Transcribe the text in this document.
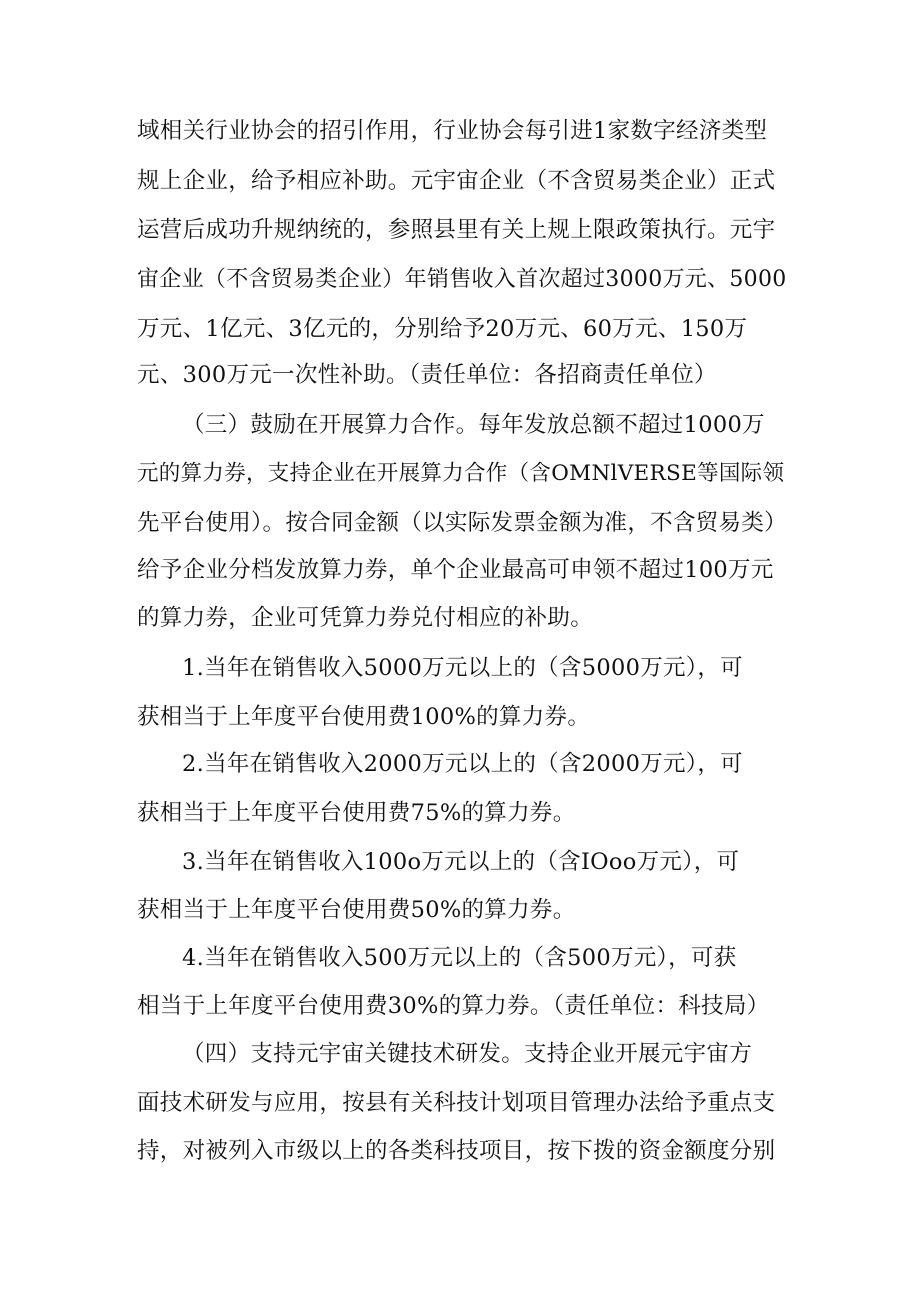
域相关行业协会的招引作用，行业协会每引进1家数字经济类型
规上企业，给予相应补助。元宇宙企业（不含贸易类企业）正式
运营后成功升规纳统的，参照县里有关上规上限政策执行。元宇
宙企业（不含贸易类企业）年销售收入首次超过3000万元、5000
万元、1亿元、3亿元的，分别给予20万元、60万元、150万
元、300万元一次性补助。（责任单位：各招商责任单位）
（三）鼓励在开展算力合作。每年发放总额不超过1000万
元的算力券，支持企业在开展算力合作（含OMNlVERSE等国际领
先平台使用）。按合同金额（以实际发票金额为准，不含贸易类）
给予企业分档发放算力券，单个企业最高可申领不超过100万元
的算力券，企业可凭算力券兑付相应的补助。
1.当年在销售收入5000万元以上的（含5000万元），可
获相当于上年度平台使用费100%的算力券。
2.当年在销售收入2000万元以上的（含2000万元），可
获相当于上年度平台使用费75%的算力券。
3.当年在销售收入100o万元以上的（含IOoo万元），可
获相当于上年度平台使用费50%的算力券。
4.当年在销售收入500万元以上的（含500万元），可获
相当于上年度平台使用费30%的算力券。（责任单位：科技局）
（四）支持元宇宙关键技术研发。支持企业开展元宇宙方
面技术研发与应用，按县有关科技计划项目管理办法给予重点支
持，对被列入市级以上的各类科技项目，按下拨的资金额度分别
